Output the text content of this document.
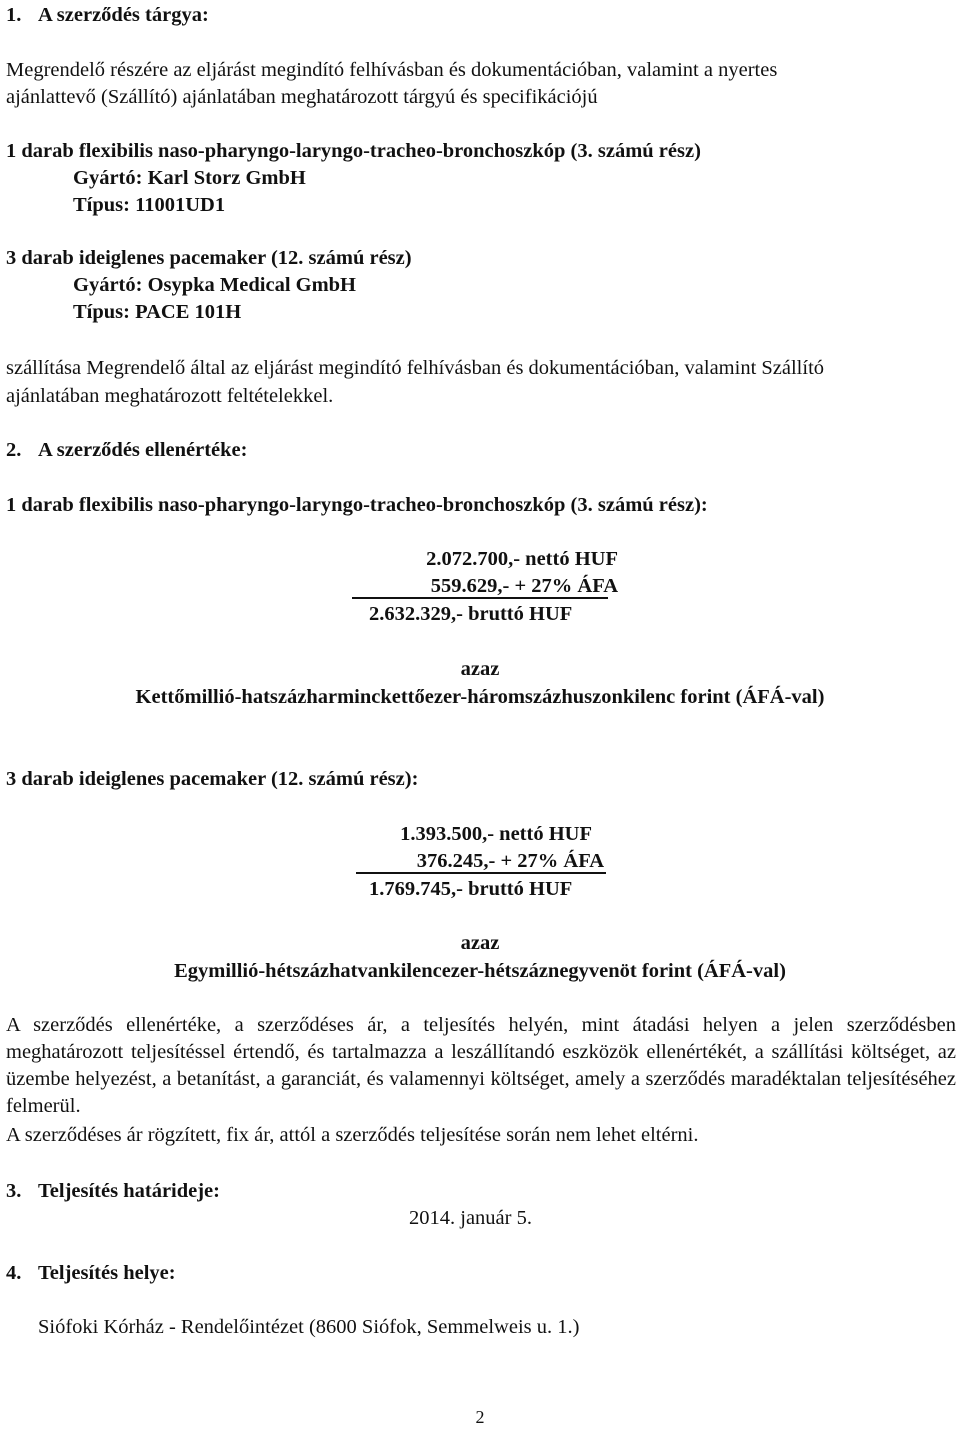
1. A szerződés tárgya:
Megrendelő részére az eljárást megindító felhívásban és dokumentációban, valamint a nyertes
ajánlattevő (Szállító) ajánlatában meghatározott tárgyú és specifikációjú
1 darab flexibilis naso-pharyngo-laryngo-tracheo-bronchoszkóp (3. számú rész)
Gyártó: Karl Storz GmbH
Típus: 11001UD1
3 darab ideiglenes pacemaker (12. számú rész)
Gyártó: Osypka Medical GmbH
Típus: PACE 101H
szállítása Megrendelő által az eljárást megindító felhívásban és dokumentációban, valamint Szállító
ajánlatában meghatározott feltételekkel.
2. A szerződés ellenértéke:
1 darab flexibilis naso-pharyngo-laryngo-tracheo-bronchoszkóp (3. számú rész):
2.072.700,- nettó HUF
559.629,- + 27% ÁFA
2.632.329,- bruttó HUF
azaz
Kettőmillió-hatszázharminckettőezer-háromszázhuszonkilenc forint (ÁFÁ-val)
3 darab ideiglenes pacemaker (12. számú rész):
1.393.500,- nettó HUF
376.245,- + 27% ÁFA
1.769.745,- bruttó HUF
azaz
Egymillió-hétszázhatvankilencezer-hétszáznegyvenöt forint (ÁFÁ-val)

A szerződés ellenértéke, a szerződéses ár, a teljesítés helyén, mint átadási helyen a jelen szerződésben meghatározott teljesítéssel értendő, és tartalmazza a leszállítandó eszközök ellenértékét, a szállítási költséget, az üzembe helyezést, a betanítást, a garanciát, és valamennyi költséget, amely a szerződés maradéktalan teljesítéséhez felmerül.

A szerződéses ár rögzített, fix ár, attól a szerződés teljesítése során nem lehet eltérni.
3. Teljesítés határideje:
2014. január 5.
4. Teljesítés helye:
Siófoki Kórház - Rendelőintézet (8600 Siófok, Semmelweis u. 1.)
2
